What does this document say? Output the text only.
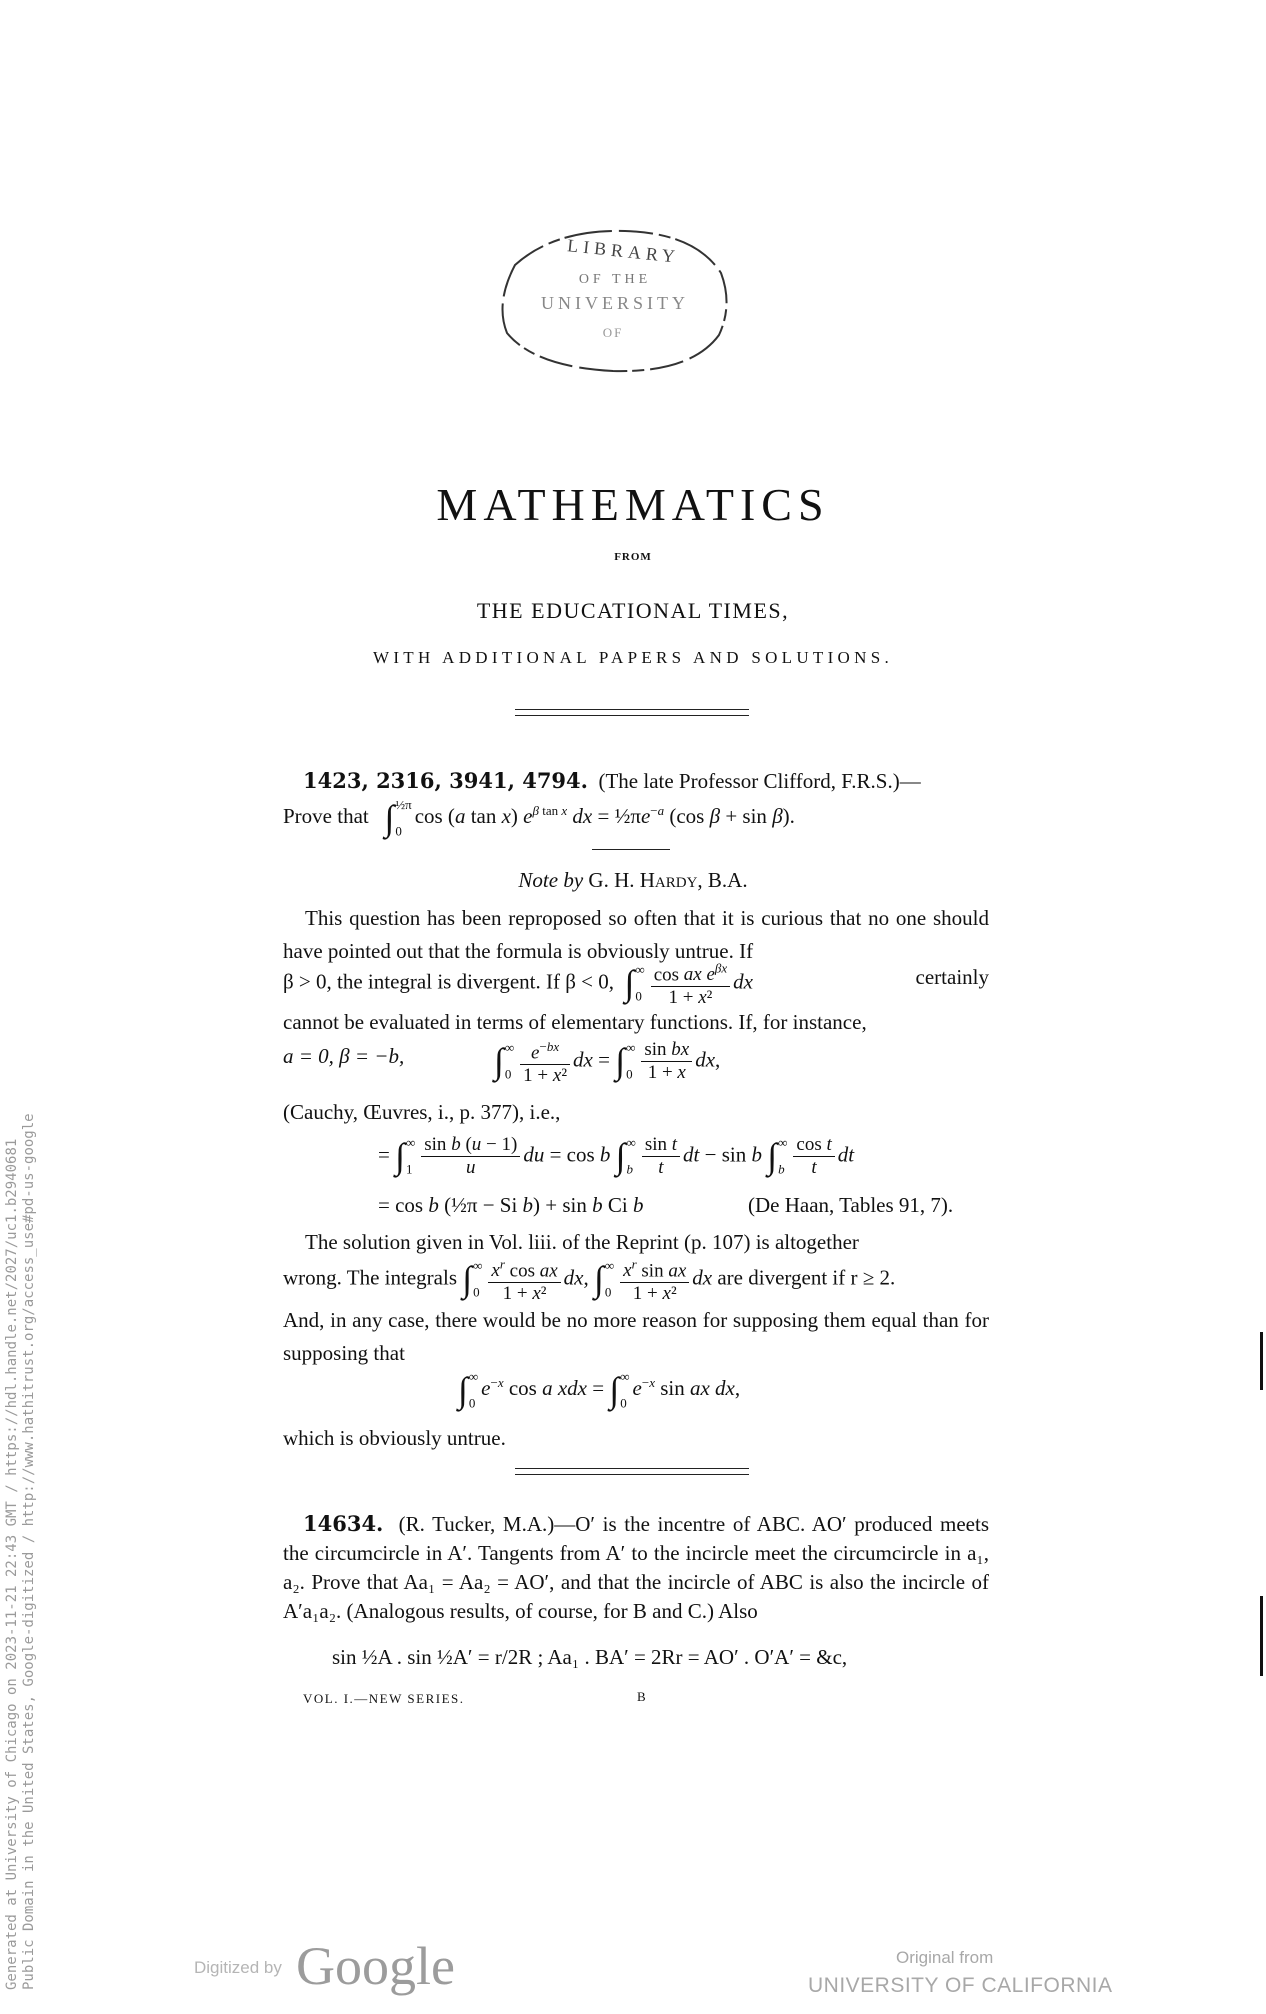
Generated at University of Chicago on 2023-11-21 22:43 GMT / https://hdl.handle.net/2027/uc1.b2940681 Public Domain in the United States, Google-digitized / http://www.hathitrust.org/access_use#pd-us-google
LIBRARY
OF THE
UNIVERSITY
OF
MATHEMATICS
FROM
THE EDUCATIONAL TIMES,
WITH ADDITIONAL PAPERS AND SOLUTIONS.
1423, 2316, 3941, 4794. (The late Professor Clifford, F.R.S.)—
Prove that ∫$^{\frac{1}{2}\pi}$
$_0$cos (a tan x) $e^{\beta tan x}$ dx = $\frac{1}{2}\pi e^{-a}$ (cos β + sin β).
Note by G. H. Hardy, B.A.

This question has been reproposed so often that it is curious that no one should have pointed out that the formula is obviously untrue. If

β > 0, the integral is divergent. If β < 0, ∫∞
$_0 \frac{\cos ax e^{\beta x}}{\text{1 + x²}}$ dx	certainly

cannot be evaluated in terms of elementary functions. If, for instance,

a = 0, β = −b, ∫∞
$_0 \frac{e^{-bx}}{\text{1 + x²}}$ dx = ∫∞
$_0 \frac{\text{sin bx}}{1 + x}$ dx,

(Cauchy, Œuvres, i., p. 377), i.e.,

= ∫∞
$_1 \frac{\text{sin b (u − 1)}}{u}$ du = cos b ∫∞
$_b \frac{\text{sin t}}{t}$ dt − sin b ∫∞
$_b \frac{\text{cos t}}{t}$ dt
= cos b (½π − Si b) + sin b Ci b	(De Haan, Tables 91, 7).

The solution given in Vol. liii. of the Reprint (p. 107) is altogether

wrong. The integrals ∫∞
$_0 \frac{x^r \cos ax}{\text{1 + x²}}$ dx, ∫∞
$_0 \frac{x^r \sin ax}{\text{1 + x²}}$ dx are divergent if r ≥ 2.

And, in any case, there would be no more reason for supposing them equal than for supposing that

∫∞
$_0e^{-x}$ cos a xdx = ∫∞
$_0e^{-x}$ sin ax dx,

which is obviously untrue.

14634. (R. Tucker, M.A.)—O′ is the incentre of ABC. AO′ produced meets the circumcircle in A′. Tangents from A′ to the incircle meet the circumcircle in a₁, a₂. Prove that Aa₁ = Aa₂ = AO′, and that the incircle of ABC is also the incircle of A′a₁a₂. (Analogous results, of course, for B and C.) Also

sin ½A . sin ½A′ = r/2R ; Aa₁ . BA′ = 2Rr = AO′ . O′A′ = &c,
VOL. I.—NEW SERIES.	B
Digitized by Google	Original from
UNIVERSITY OF CALIFORNIA
